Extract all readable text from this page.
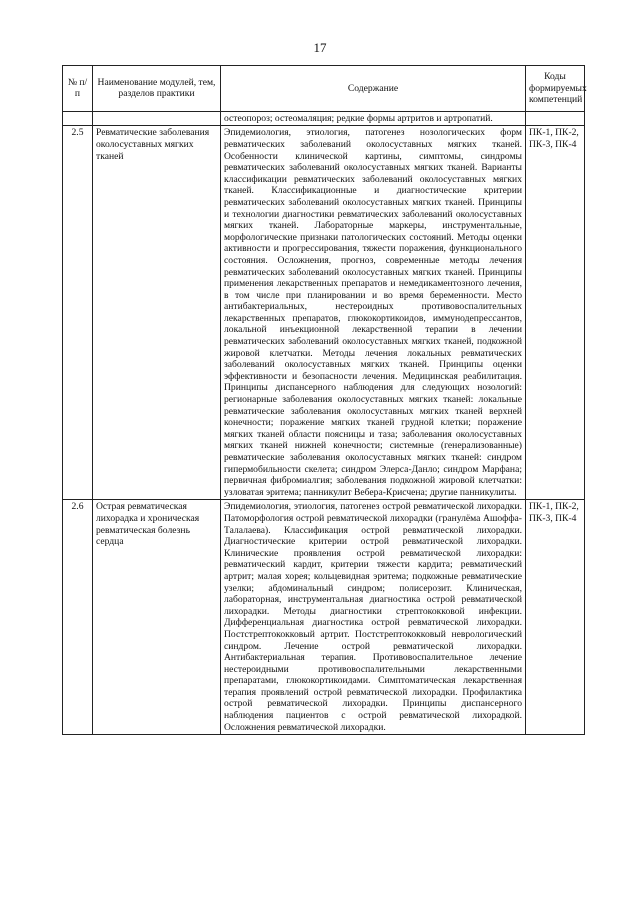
17
№ п/п	Наименование модулей, тем, разделов практики	Содержание	Коды формируемых компетенций
		остеопороз; остеомаляция; редкие формы артритов и артропатий.	
2.5	Ревматические заболевания околосуставных мягких тканей	Эпидемиология, этиология, патогенез нозологических форм ревматических заболеваний околосуставных мягких тканей. Особенности клинической картины, симптомы, синдромы ревматических заболеваний околосуставных мягких тканей. Варианты классификации ревматических заболеваний околосуставных мягких тканей. Классификационные и диагностические критерии ревматических заболеваний околосуставных мягких тканей. Принципы и технологии диагностики ревматических заболеваний околосуставных мягких тканей. Лабораторные маркеры, инструментальные, морфологические признаки патологических состояний. Методы оценки активности и прогрессирования, тяжести поражения, функционального состояния. Осложнения, прогноз, современные методы лечения ревматических заболеваний околосуставных мягких тканей. Принципы применения лекарственных препаратов и немедикаментозного лечения, в том числе при планировании и во время беременности. Место антибактериальных, нестероидных противовоспалительных лекарственных препаратов, глюкокортикоидов, иммунодепрессантов, локальной инъекционной лекарственной терапии в лечении ревматических заболеваний околосуставных мягких тканей, подкожной жировой клетчатки. Методы лечения локальных ревматических заболеваний околосуставных мягких тканей. Принципы оценки эффективности и безопасности лечения. Медицинская реабилитация. Принципы диспансерного наблюдения для следующих нозологий: регионарные заболевания околосуставных мягких тканей: локальные ревматические заболевания околосуставных мягких тканей верхней конечности; поражение мягких тканей грудной клетки; поражение мягких тканей области поясницы и таза; заболевания околосуставных мягких тканей нижней конечности; системные (генерализованные) ревматические заболевания околосуставных мягких тканей: синдром гипермобильности скелета; синдром Элерса-Данло; синдром Марфана; первичная фибромиалгия; заболевания подкожной жировой клетчатки: узловатая эритема; панникулит Вебера-Крисчена; другие панникулиты.	ПК-1, ПК-2, ПК-3, ПК-4
2.6	Острая ревматическая лихорадка и хроническая ревматическая болезнь сердца	Эпидемиология, этиология, патогенез острой ревматической лихорадки. Патоморфология острой ревматической лихорадки (гранулёма Ашоффа-Талалаева). Классификация острой ревматической лихорадки. Диагностические критерии острой ревматической лихорадки. Клинические проявления острой ревматической лихорадки: ревматический кардит, критерии тяжести кардита; ревматический артрит; малая хорея; кольцевидная эритема; подкожные ревматические узелки; абдоминальный синдром; полисерозит. Клиническая, лабораторная, инструментальная диагностика острой ревматической лихорадки. Методы диагностики стрептококковой инфекции. Дифференциальная диагностика острой ревматической лихорадки. Постстрептококковый артрит. Постстрептококковый неврологический синдром. Лечение острой ревматической лихорадки. Антибактериальная терапия. Противовоспалительное лечение нестероидными противовоспалительными лекарственными препаратами, глюкокортикоидами. Симптоматическая лекарственная терапия проявлений острой ревматической лихорадки. Профилактика острой ревматической лихорадки. Принципы диспансерного наблюдения пациентов с острой ревматической лихорадкой. Осложнения ревматической лихорадки.	ПК-1, ПК-2, ПК-3, ПК-4
